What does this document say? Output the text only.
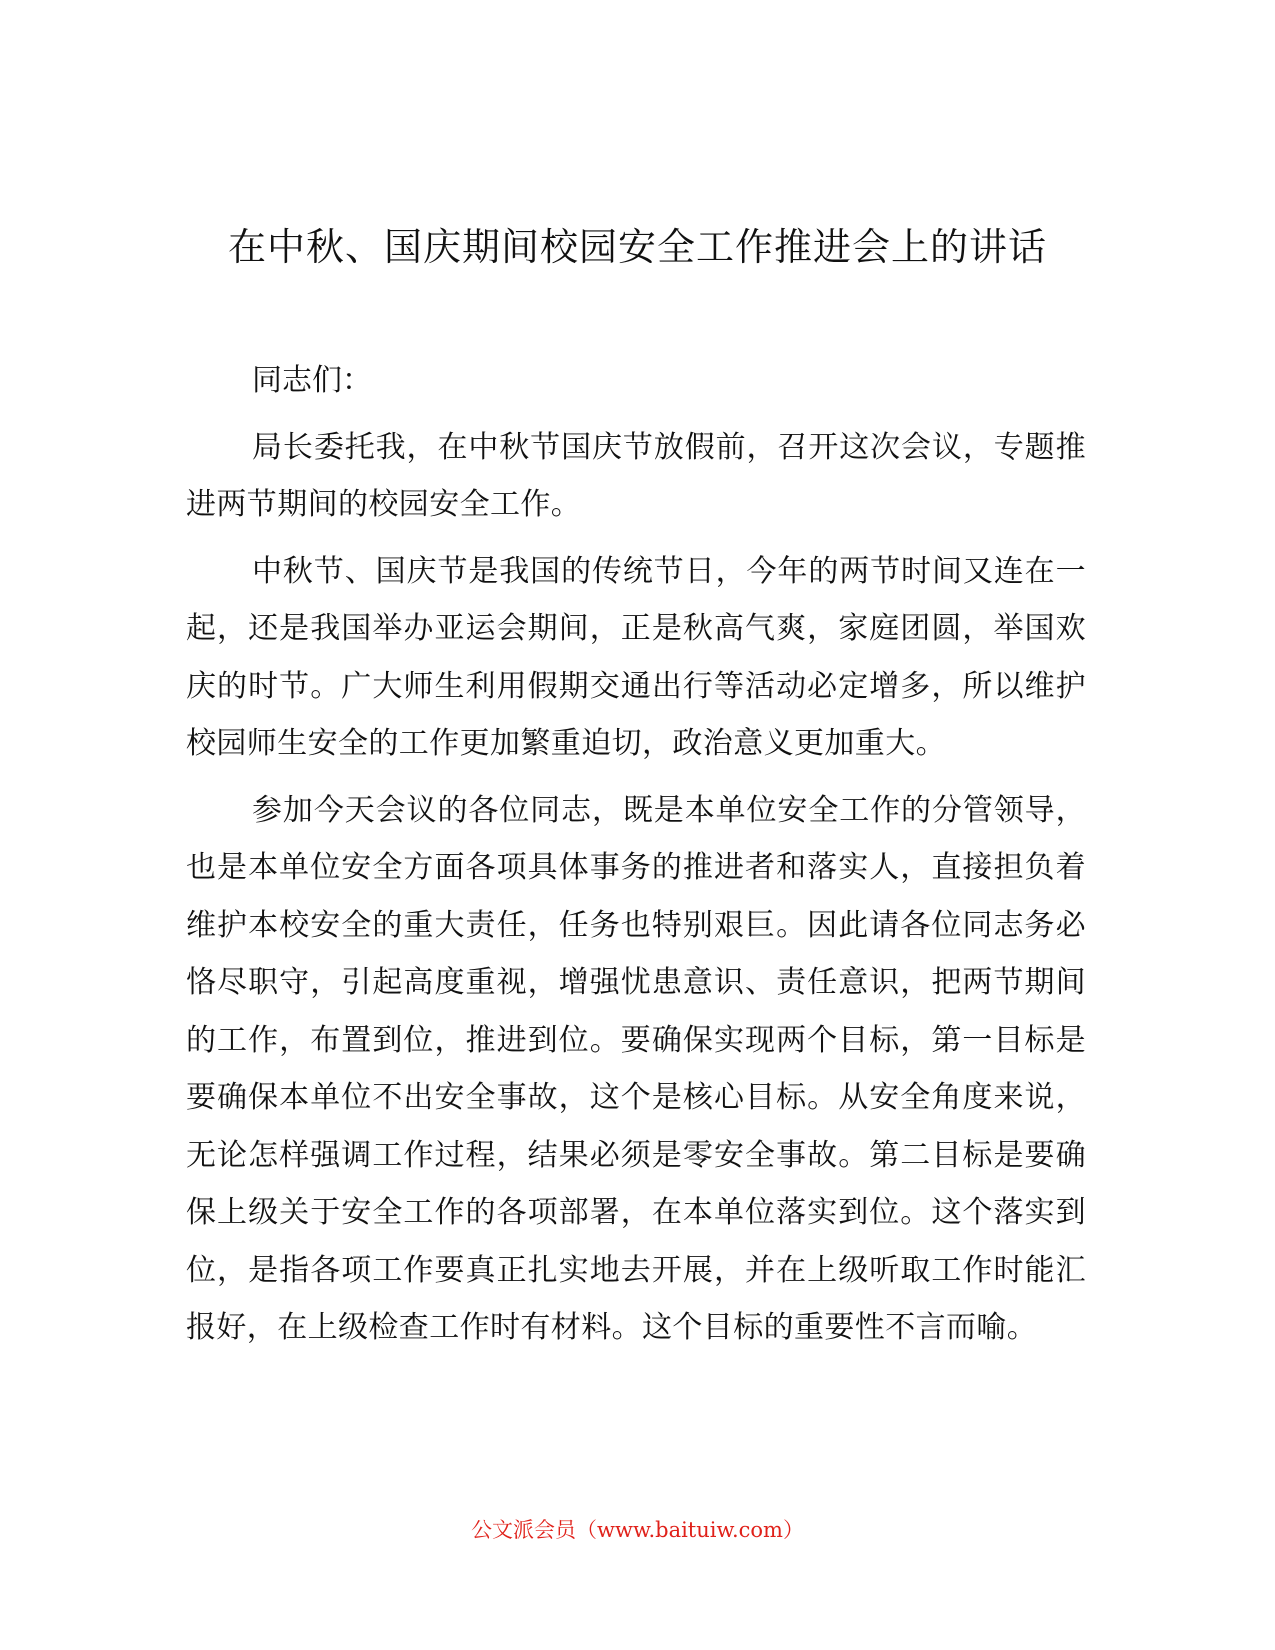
在中秋、国庆期间校园安全工作推进会上的讲话

同志们：

局长委托我，在中秋节国庆节放假前，召开这次会议，专题推进两节期间的校园安全工作。

中秋节、国庆节是我国的传统节日，今年的两节时间又连在一起，还是我国举办亚运会期间，正是秋高气爽，家庭团圆，举国欢庆的时节。广大师生利用假期交通出行等活动必定增多，所以维护校园师生安全的工作更加繁重迫切，政治意义更加重大。

参加今天会议的各位同志，既是本单位安全工作的分管领导，也是本单位安全方面各项具体事务的推进者和落实人，直接担负着维护本校安全的重大责任，任务也特别艰巨。因此请各位同志务必恪尽职守，引起高度重视，增强忧患意识、责任意识，把两节期间的工作，布置到位，推进到位。要确保实现两个目标，第一目标是要确保本单位不出安全事故，这个是核心目标。从安全角度来说，无论怎样强调工作过程，结果必须是零安全事故。第二目标是要确保上级关于安全工作的各项部署，在本单位落实到位。这个落实到位，是指各项工作要真正扎实地去开展，并在上级听取工作时能汇报好，在上级检查工作时有材料。这个目标的重要性不言而喻。

公文派会员（www.baituiw.com）
